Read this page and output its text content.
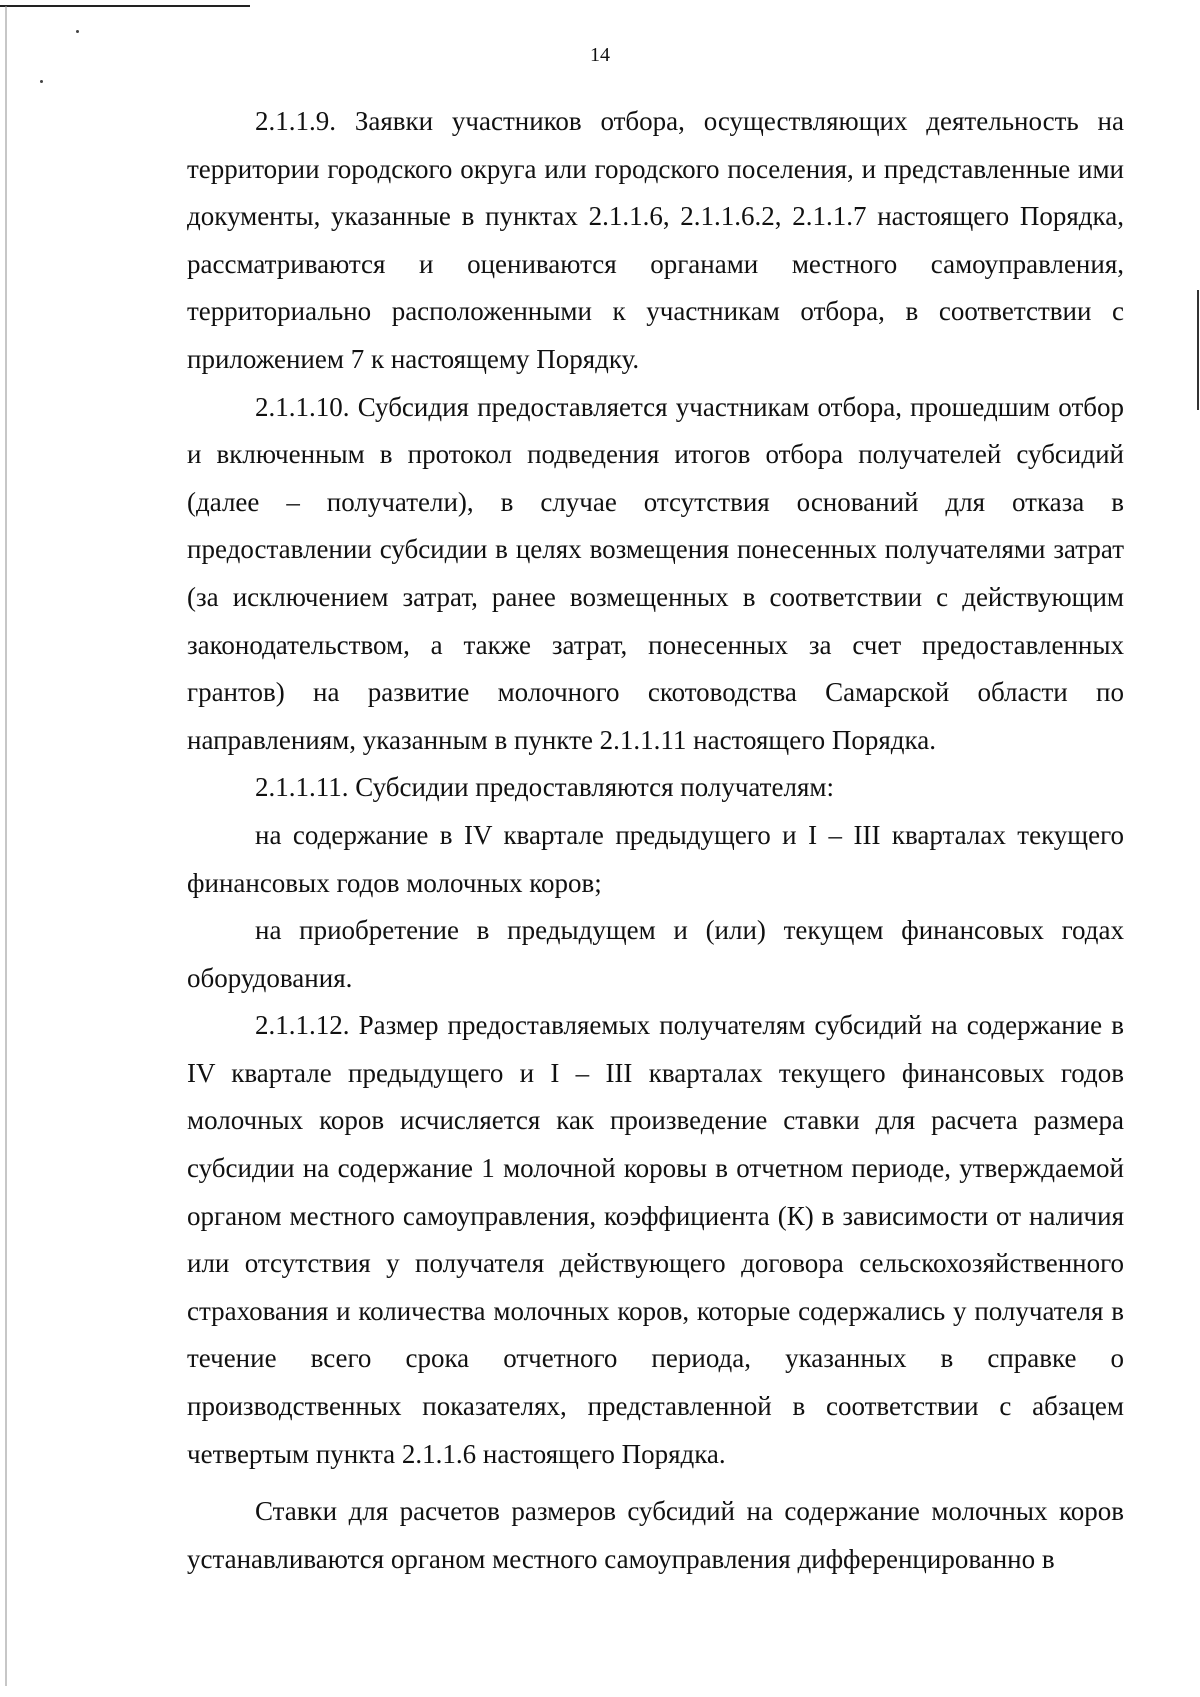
14

2.1.1.9. Заявки участников отбора, осуществляющих деятельность на территории городского округа или городского поселения, и представленные ими документы, указанные в пунктах 2.1.1.6, 2.1.1.6.2, 2.1.1.7 настоящего Порядка, рассматриваются и оцениваются органами местного самоуправления, территориально расположенными к участникам отбора, в соответствии с приложением 7 к настоящему Порядку.

2.1.1.10. Субсидия предоставляется участникам отбора, прошедшим отбор и включенным в протокол подведения итогов отбора получателей субсидий (далее – получатели), в случае отсутствия оснований для отказа в предоставлении субсидии в целях возмещения понесенных получателями затрат (за исключением затрат, ранее возмещенных в соответствии с действующим законодательством, а также затрат, понесенных за счет предоставленных грантов) на развитие молочного скотоводства Самарской области по направлениям, указанным в пункте 2.1.1.11 настоящего Порядка.

2.1.1.11. Субсидии предоставляются получателям:

на содержание в IV квартале предыдущего и I – III кварталах текущего финансовых годов молочных коров;

на приобретение в предыдущем и (или) текущем финансовых годах оборудования.

2.1.1.12. Размер предоставляемых получателям субсидий на содержание в IV квартале предыдущего и I – III кварталах текущего финансовых годов молочных коров исчисляется как произведение ставки для расчета размера субсидии на содержание 1 молочной коровы в отчетном периоде, утверждаемой органом местного самоуправления, коэффициента (К) в зависимости от наличия или отсутствия у получателя действующего договора сельскохозяйственного страхования и количества молочных коров, которые содержались у получателя в течение всего срока отчетного периода, указанных в справке о производственных показателях, представленной в соответствии с абзацем четвертым пункта 2.1.1.6 настоящего Порядка.

Ставки для расчетов размеров субсидий на содержание молочных коров устанавливаются органом местного самоуправления дифференцированно в
